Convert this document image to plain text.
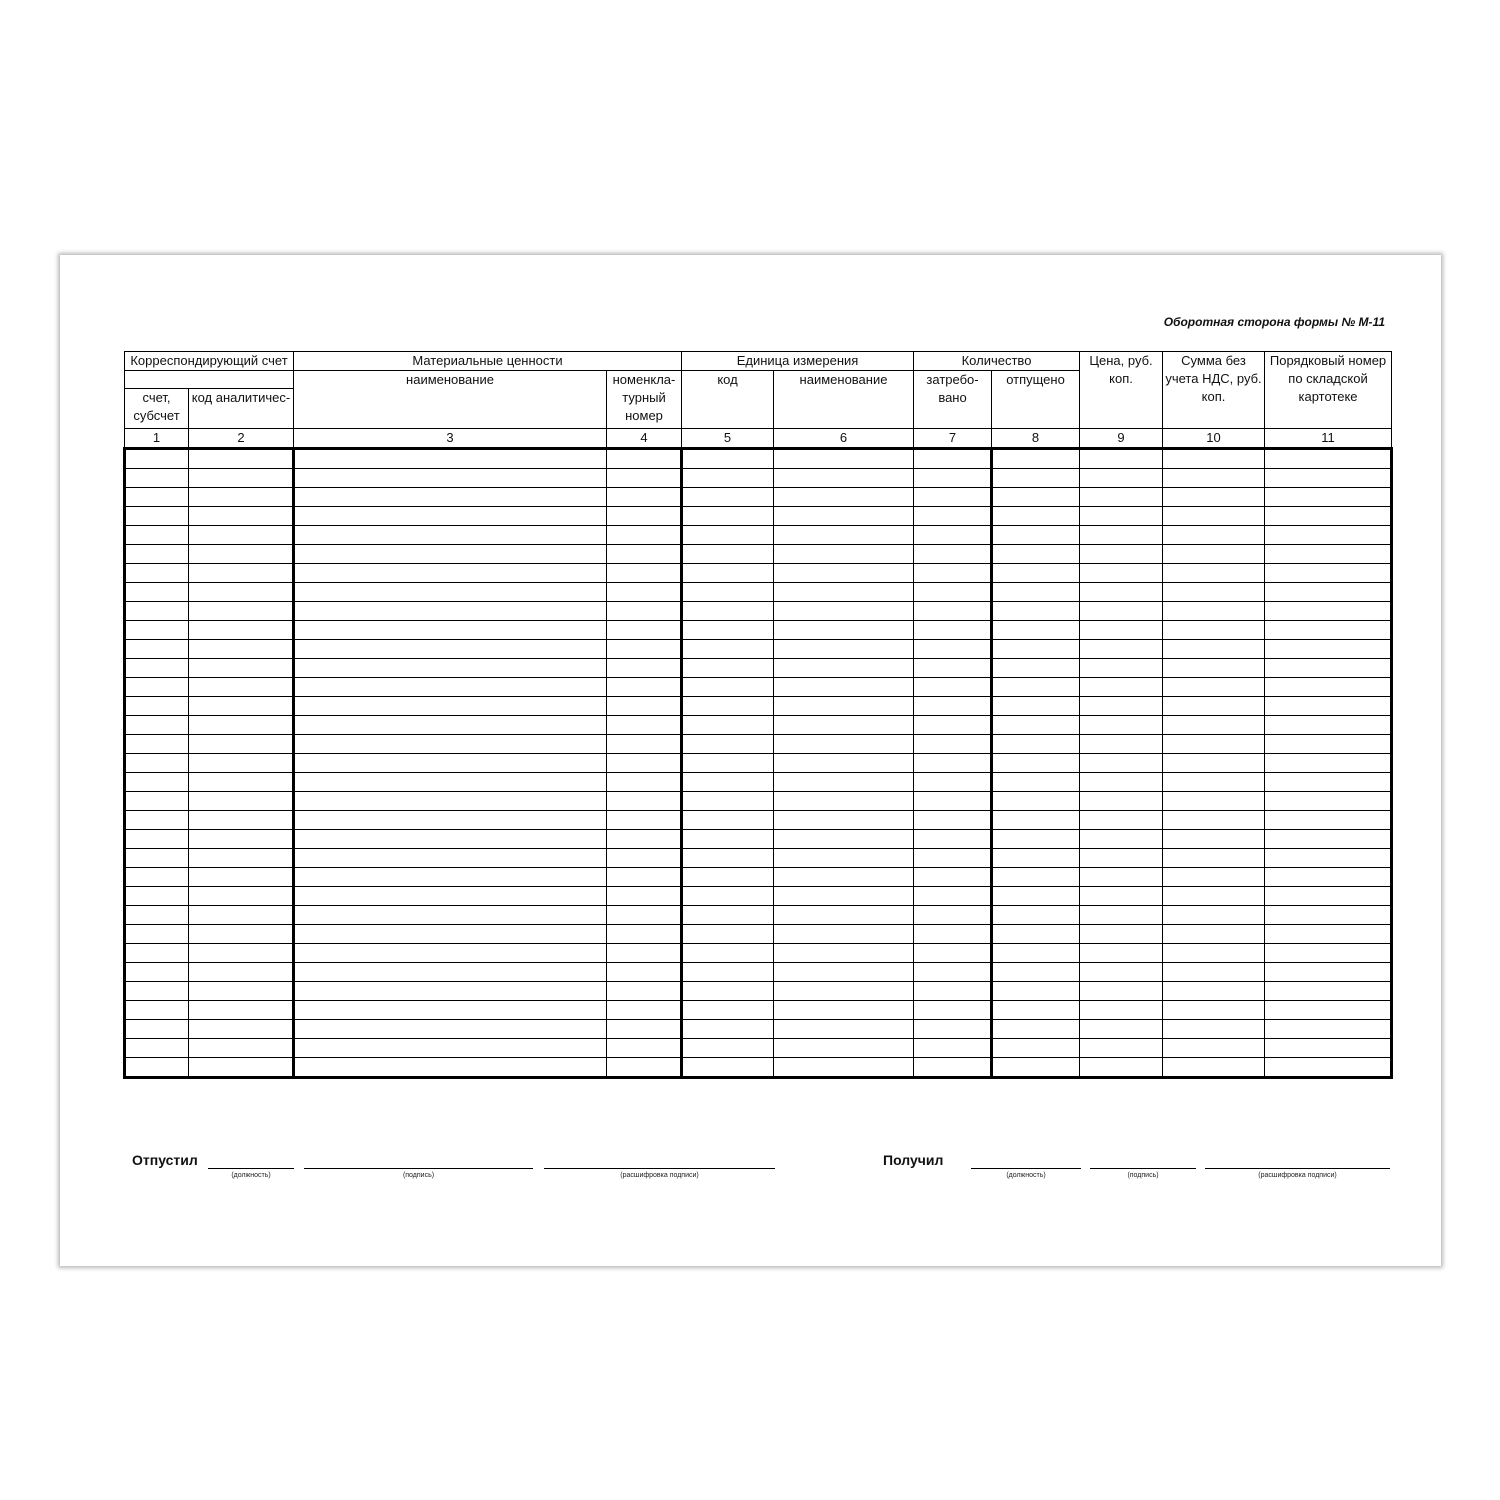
Оборотная сторона формы № М-11
Корреспондирующий счет		Материальные ценности		Единица измерения		Количество		Цена, руб. коп.	Сумма без учета НДС, руб. коп.	Порядковый номер по складской картотеке
		наименование	номенкла- турный номер	код	наименование	затребо- вано	отпущено			
счет, субсчет	код аналитичес-									
1	2	3	4	5	6	7	8	9	10	11

Отпустил
(должность)	(подпись)	(расшифровка подписи)
Получил
(должность)	(подпись)	(расшифровка подписи)
